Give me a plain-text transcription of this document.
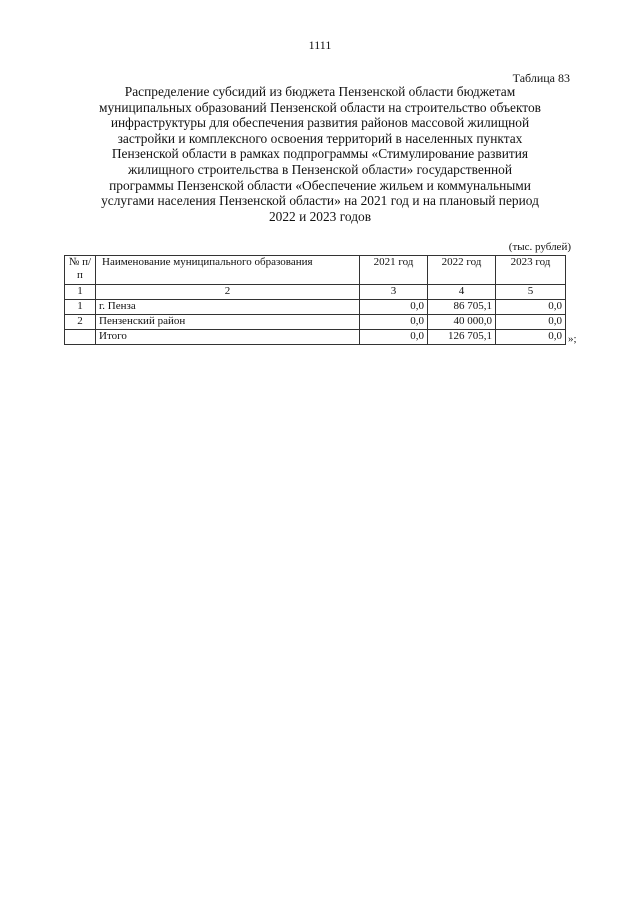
1111
Таблица 83
Распределение субсидий из бюджета Пензенской области бюджетам
муниципальных образований Пензенской области на строительство объектов
инфраструктуры для обеспечения развития районов массовой жилищной
застройки и комплексного освоения территорий в населенных пунктах
Пензенской области в рамках подпрограммы «Стимулирование развития
жилищного строительства в Пензенской области» государственной
программы Пензенской области «Обеспечение жильем и коммунальными
услугами населения Пензенской области» на 2021 год и на плановый период
2022 и 2023 годов
(тыс. рублей)
№ п/п	Наименование муниципального образования	2021 год	2022 год	2023 год
1	2	3	4	5
1	г. Пенза	0,0	86 705,1	0,0
2	Пензенский район	0,0	40 000,0	0,0
	Итого	0,0	126 705,1	0,0 »;
